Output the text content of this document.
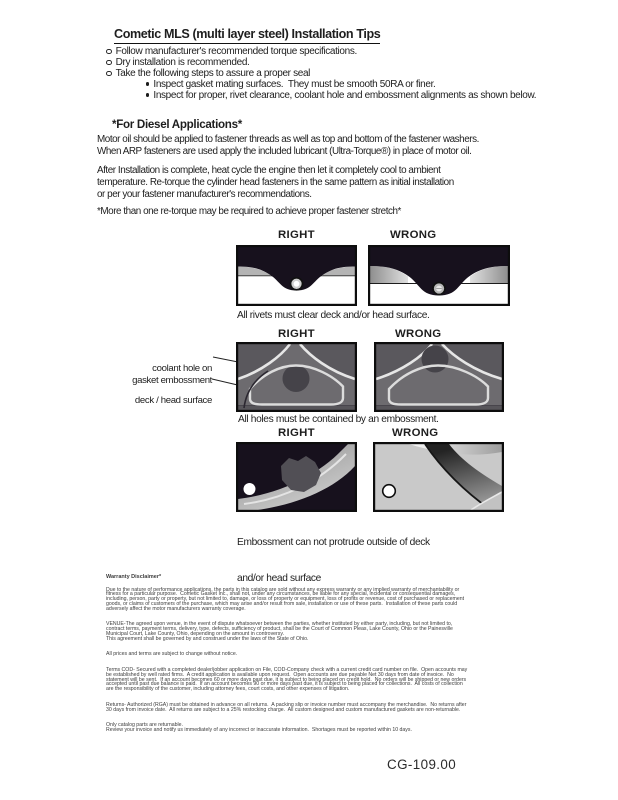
Cometic MLS (multi layer steel) Installation Tips
Follow manufacturer's recommended torque specifications.
Dry installation is recommended.
Take the following steps to assure a proper seal
Inspect gasket mating surfaces.  They must be smooth 50RA or finer.
Inspect for proper, rivet clearance, coolant hole and embossment alignments as shown below.
*For Diesel Applications*
Motor oil should be applied to fastener threads as well as top and bottom of the fastener washers.
When ARP fasteners are used apply the included lubricant (Ultra-Torque®) in place of motor oil.
After Installation is complete, heat cycle the engine then let it completely cool to ambient
temperature. Re-torque the cylinder head fasteners in the same pattern as initial installation
or per your fastener manufacturer's recommendations.
*More than one re-torque may be required to achieve proper fastener stretch*
RIGHT	WRONG
All rivets must clear deck and/or head surface.
RIGHT	WRONG

coolant hole on

deck / head surface

gasket embossment
All holes must be contained by an embossment.
RIGHT	WRONG

Embossment can not protrude outside of deck

and/or head surface

Warranty Disclaimer*
Due to the nature of performance applications, the parts in this catalog are sold without any express warranty or any implied warranty of merchantability or
fitness for a particular purpose.  Cometic Gasket Inc., shall not, under any circumstances, be liable for any special, incidental or consequential damages,
including, person, party or property, but not limited to, damage, or loss of property or equipment, loss of profits or revenue, cost of purchased or replacement
goods, or claims of customers of the purchase, which may arise and/or result from sale, installation or use of these parts.  Installation of these parts could
adversely affect the motor manufacturers warranty coverage.
VENUE-The agreed upon venue, in the event of dispute whatsoever between the parties, whether instituted by either party, including, but not limited to,
contract terms, payment terms, delivery, type, defects, sufficiency of product, shall be the Court of Common Pleas, Lake County, Ohio or the Painesville
Municipal Court, Lake County, Ohio, depending on the amount in controversy.
This agreement shall be governed by and construed under the laws of the State of Ohio.
All prices and terms are subject to change without notice.
Terms COD- Secured with a completed dealer/jobber application on File, COD-Company check with a current credit card number on file.  Open accounts may
be established by well rated firms.  A credit application is available upon request.  Open accounts are due payable Net 30 days from date of invoice.  No
statement will be sent.  If an account becomes 60 or more days past due, it is subject to being placed on credit hold.  No orders will be shipped or new orders
accepted until past due balance is paid.  If an account becomes 90 or more days past due, it is subject to being placed for collections.  All costs of collection
are the responsibility of the customer, including attorney fees, court costs, and other expenses of litigation.
Returns- Authorized (RGA) must be obtained in advance on all returns.  A packing slip or invoice number must accompany the merchandise.  No returns after
30 days from invoice date.  All returns are subject to a 25% restocking charge.  All custom designed and custom manufactured gaskets are non-returnable.
Only catalog parts are returnable.
Review your invoice and notify us immediately of any incorrect or inaccurate information.  Shortages must be reported within 10 days.
CG-109.00
